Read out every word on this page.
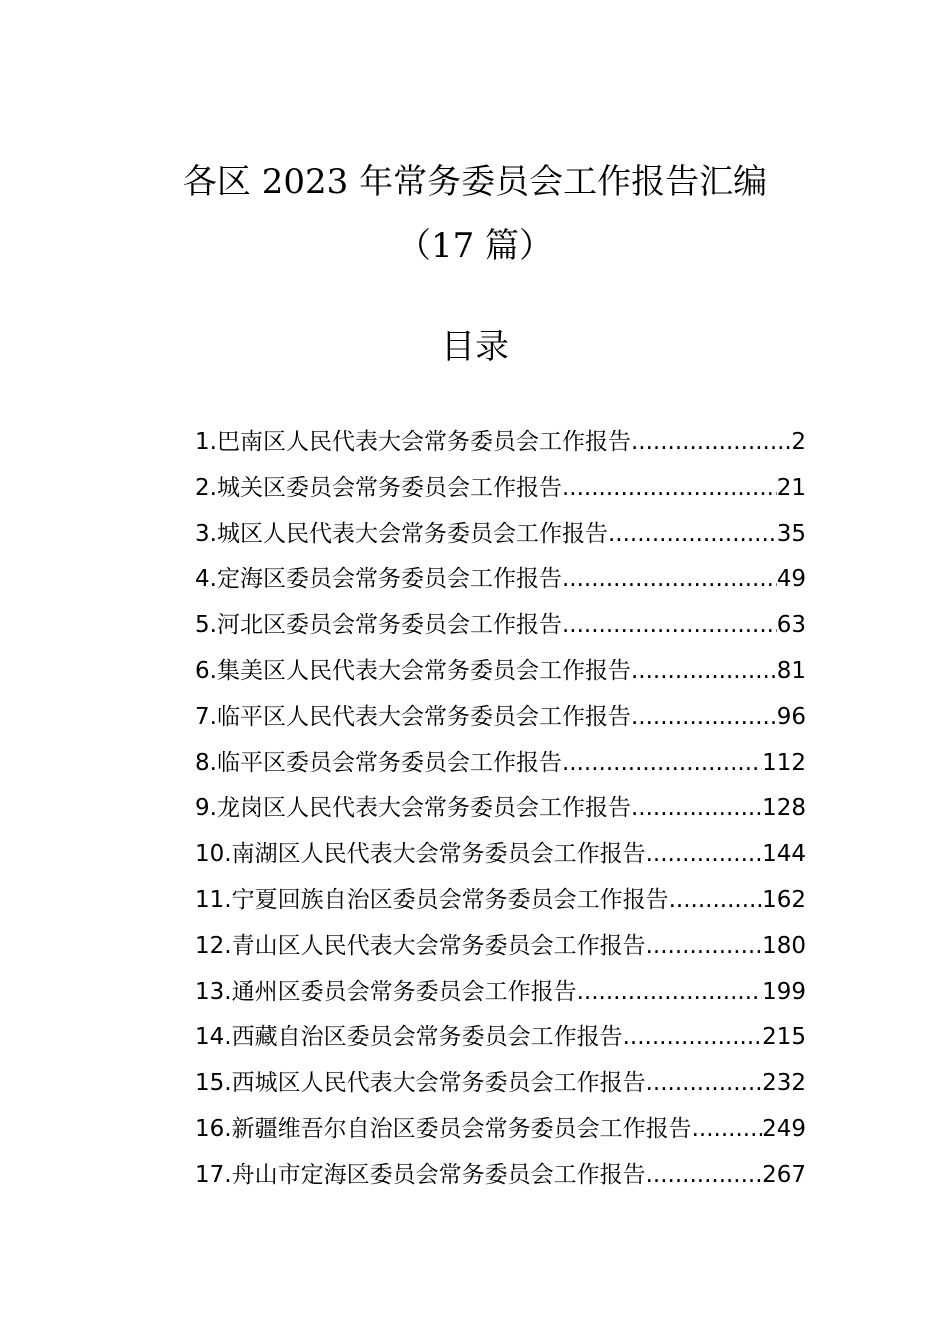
各区 2023 年常务委员会工作报告汇编
（17 篇）
目录
1.巴南区人民代表大会常务委员会工作报告 .....	2
2.城关区委员会常务委员会工作报告 .....	21
3.城区人民代表大会常务委员会工作报告 .....	35
4.定海区委员会常务委员会工作报告 .....	49
5.河北区委员会常务委员会工作报告 .....	63
6.集美区人民代表大会常务委员会工作报告 .....	81
7.临平区人民代表大会常务委员会工作报告 .....	96
8.临平区委员会常务委员会工作报告 .....	112
9.龙岗区人民代表大会常务委员会工作报告 .....	128
10.南湖区人民代表大会常务委员会工作报告 .....	144
11.宁夏回族自治区委员会常务委员会工作报告 .....	162
12.青山区人民代表大会常务委员会工作报告 .....	180
13.通州区委员会常务委员会工作报告 .....	199
14.西藏自治区委员会常务委员会工作报告 .....	215
15.西城区人民代表大会常务委员会工作报告 .....	232
16.新疆维吾尔自治区委员会常务委员会工作报告 .....	249
17.舟山市定海区委员会常务委员会工作报告 .....	267
